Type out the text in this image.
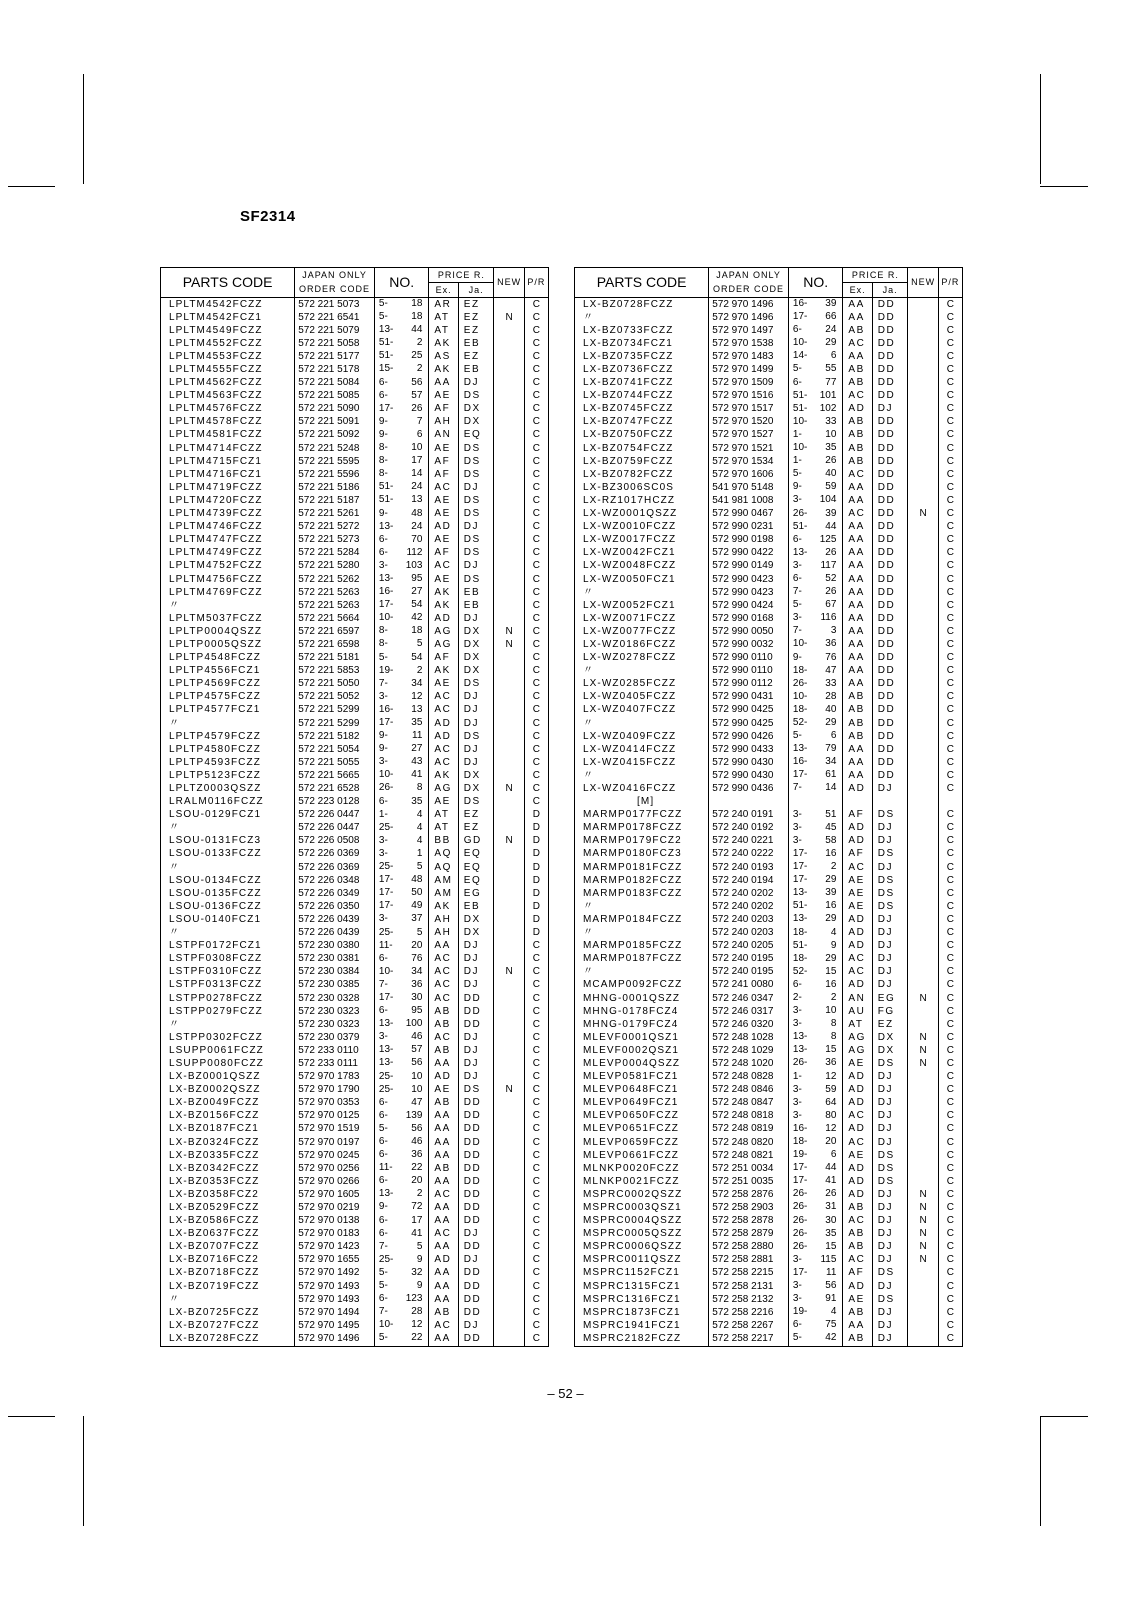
SF2314
PARTS CODE	JAPAN ONLY	NO.	PRICE R.		NEW	P/R
	ORDER CODE		Ex.	Ja.		
LPLTM4542FCZZ	572 221 5073	5- 18	AR	EZ		C
LPLTM4542FCZ1	572 221 6541	5- 18	AT	EZ	N	C
LPLTM4549FCZZ	572 221 5079	13- 44	AT	EZ		C
LPLTM4552FCZZ	572 221 5058	51- 2	AK	EB		C
LPLTM4553FCZZ	572 221 5177	51- 25	AS	EZ		C
LPLTM4555FCZZ	572 221 5178	15- 2	AK	EB		C
LPLTM4562FCZZ	572 221 5084	6- 56	AA	DJ		C
LPLTM4563FCZZ	572 221 5085	6- 57	AE	DS		C
LPLTM4576FCZZ	572 221 5090	17- 26	AF	DX		C
LPLTM4578FCZZ	572 221 5091	9- 7	AH	DX		C
LPLTM4581FCZZ	572 221 5092	9- 6	AN	EQ		C
LPLTM4714FCZZ	572 221 5248	8- 10	AE	DS		C
LPLTM4715FCZ1	572 221 5595	8- 17	AF	DS		C
LPLTM4716FCZ1	572 221 5596	8- 14	AF	DS		C
LPLTM4719FCZZ	572 221 5186	51- 24	AC	DJ		C
LPLTM4720FCZZ	572 221 5187	51- 13	AE	DS		C
LPLTM4739FCZZ	572 221 5261	9- 48	AE	DS		C
LPLTM4746FCZZ	572 221 5272	13- 24	AD	DJ		C
LPLTM4747FCZZ	572 221 5273	6- 70	AE	DS		C
LPLTM4749FCZZ	572 221 5284	6- 112	AF	DS		C
LPLTM4752FCZZ	572 221 5280	3- 103	AC	DJ		C
LPLTM4756FCZZ	572 221 5262	13- 95	AE	DS		C
LPLTM4769FCZZ	572 221 5263	16- 27	AK	EB		C
〃	572 221 5263	17- 54	AK	EB		C
LPLTM5037FCZZ	572 221 5664	10- 42	AD	DJ		C
LPLTP0004QSZZ	572 221 6597	8- 18	AG	DX	N	C
LPLTP0005QSZZ	572 221 6598	8- 5	AG	DX	N	C
LPLTP4548FCZZ	572 221 5181	5- 54	AF	DX		C
LPLTP4556FCZ1	572 221 5853	19- 2	AK	DX		C
LPLTP4569FCZZ	572 221 5050	7- 34	AE	DS		C
LPLTP4575FCZZ	572 221 5052	3- 12	AC	DJ		C
LPLTP4577FCZ1	572 221 5299	16- 13	AC	DJ		C
〃	572 221 5299	17- 35	AD	DJ		C
LPLTP4579FCZZ	572 221 5182	9- 11	AD	DS		C
LPLTP4580FCZZ	572 221 5054	9- 27	AC	DJ		C
LPLTP4593FCZZ	572 221 5055	3- 43	AC	DJ		C
LPLTP5123FCZZ	572 221 5665	10- 41	AK	DX		C
LPLTZ0003QSZZ	572 221 6528	26- 8	AG	DX	N	C
LRALM0116FCZZ	572 223 0128	6- 35	AE	DS		C
LSOU-0129FCZ1	572 226 0447	1- 4	AT	EZ		D
〃	572 226 0447	25- 4	AT	EZ		D
LSOU-0131FCZ3	572 226 0508	3- 4	BB	GD	N	D
LSOU-0133FCZZ	572 226 0369	3- 1	AQ	EQ		D
〃	572 226 0369	25- 5	AQ	EQ		D
LSOU-0134FCZZ	572 226 0348	17- 48	AM	EQ		D
LSOU-0135FCZZ	572 226 0349	17- 50	AM	EG		D
LSOU-0136FCZZ	572 226 0350	17- 49	AK	EB		D
LSOU-0140FCZ1	572 226 0439	3- 37	AH	DX		D
〃	572 226 0439	25- 5	AH	DX		D
LSTPF0172FCZ1	572 230 0380	11- 20	AA	DJ		C
LSTPF0308FCZZ	572 230 0381	6- 76	AC	DJ		C
LSTPF0310FCZZ	572 230 0384	10- 34	AC	DJ	N	C
LSTPF0313FCZZ	572 230 0385	7- 36	AC	DJ		C
LSTPP0278FCZZ	572 230 0328	17- 30	AC	DD		C
LSTPP0279FCZZ	572 230 0323	6- 95	AB	DD		C
〃	572 230 0323	13- 100	AB	DD		C
LSTPP0302FCZZ	572 230 0379	3- 46	AC	DJ		C
LSUPP0061FCZZ	572 233 0110	13- 57	AB	DJ		C
LSUPP0080FCZZ	572 233 0111	13- 56	AA	DJ		C
LX-BZ0001QSZZ	572 970 1783	25- 10	AD	DJ		C
LX-BZ0002QSZZ	572 970 1790	25- 10	AE	DS	N	C
LX-BZ0049FCZZ	572 970 0353	6- 47	AB	DD		C
LX-BZ0156FCZZ	572 970 0125	6- 139	AA	DD		C
LX-BZ0187FCZ1	572 970 1519	5- 56	AA	DD		C
LX-BZ0324FCZZ	572 970 0197	6- 46	AA	DD		C
LX-BZ0335FCZZ	572 970 0245	6- 36	AA	DD		C
LX-BZ0342FCZZ	572 970 0256	11- 22	AB	DD		C
LX-BZ0353FCZZ	572 970 0266	6- 20	AA	DD		C
LX-BZ0358FCZ2	572 970 1605	13- 2	AC	DD		C
LX-BZ0529FCZZ	572 970 0219	9- 72	AA	DD		C
LX-BZ0586FCZZ	572 970 0138	6- 17	AA	DD		C
LX-BZ0637FCZZ	572 970 0183	6- 41	AC	DJ		C
LX-BZ0707FCZZ	572 970 1423	7- 5	AA	DD		C
LX-BZ0716FCZ2	572 970 1655	25- 9	AD	DJ		C
LX-BZ0718FCZZ	572 970 1492	5- 32	AA	DD		C
LX-BZ0719FCZZ	572 970 1493	5- 9	AA	DD		C
〃	572 970 1493	6- 123	AA	DD		C
LX-BZ0725FCZZ	572 970 1494	7- 28	AB	DD		C
LX-BZ0727FCZZ	572 970 1495	10- 12	AC	DJ		C
LX-BZ0728FCZZ	572 970 1496	5- 22	AA	DD		C
PARTS CODE	JAPAN ONLY	NO.	PRICE R.		NEW	P/R
	ORDER CODE		Ex.	Ja.		
LX-BZ0728FCZZ	572 970 1496	16- 39	AA	DD		C
〃	572 970 1496	17- 66	AA	DD		C
LX-BZ0733FCZZ	572 970 1497	6- 24	AB	DD		C
LX-BZ0734FCZ1	572 970 1538	10- 29	AC	DD		C
LX-BZ0735FCZZ	572 970 1483	14- 6	AA	DD		C
LX-BZ0736FCZZ	572 970 1499	5- 55	AB	DD		C
LX-BZ0741FCZZ	572 970 1509	6- 77	AB	DD		C
LX-BZ0744FCZZ	572 970 1516	51- 101	AC	DD		C
LX-BZ0745FCZZ	572 970 1517	51- 102	AD	DJ		C
LX-BZ0747FCZZ	572 970 1520	10- 33	AB	DD		C
LX-BZ0750FCZZ	572 970 1527	1- 10	AB	DD		C
LX-BZ0754FCZZ	572 970 1521	10- 35	AB	DD		C
LX-BZ0759FCZZ	572 970 1534	1- 26	AB	DD		C
LX-BZ0782FCZZ	572 970 1606	5- 40	AC	DD		C
LX-BZ3006SC0S	541 970 5148	9- 59	AA	DD		C
LX-RZ1017HCZZ	541 981 1008	3- 104	AA	DD		C
LX-WZ0001QSZZ	572 990 0467	26- 39	AC	DD	N	C
LX-WZ0010FCZZ	572 990 0231	51- 44	AA	DD		C
LX-WZ0017FCZZ	572 990 0198	6- 125	AA	DD		C
LX-WZ0042FCZ1	572 990 0422	13- 26	AA	DD		C
LX-WZ0048FCZZ	572 990 0149	3- 117	AA	DD		C
LX-WZ0050FCZ1	572 990 0423	6- 52	AA	DD		C
〃	572 990 0423	7- 26	AA	DD		C
LX-WZ0052FCZ1	572 990 0424	5- 67	AA	DD		C
LX-WZ0071FCZZ	572 990 0168	3- 116	AA	DD		C
LX-WZ0077FCZZ	572 990 0050	7- 3	AA	DD		C
LX-WZ0186FCZZ	572 990 0032	10- 36	AA	DD		C
LX-WZ0278FCZZ	572 990 0110	9- 76	AA	DD		C
〃	572 990 0110	18- 47	AA	DD		C
LX-WZ0285FCZZ	572 990 0112	26- 33	AA	DD		C
LX-WZ0405FCZZ	572 990 0431	10- 28	AB	DD		C
LX-WZ0407FCZZ	572 990 0425	18- 40	AB	DD		C
〃	572 990 0425	52- 29	AB	DD		C
LX-WZ0409FCZZ	572 990 0426	5- 6	AB	DD		C
LX-WZ0414FCZZ	572 990 0433	13- 79	AA	DD		C
LX-WZ0415FCZZ	572 990 0430	16- 34	AA	DD		C
〃	572 990 0430	17- 61	AA	DD		C
LX-WZ0416FCZZ	572 990 0436	7- 14	AD	DJ		C
[M]		

MARMP0177FCZZ	572 240 0191	3- 51	AF	DS		C
MARMP0178FCZZ	572 240 0192	3- 45	AD	DJ		C
MARMP0179FCZ2	572 240 0221	3- 58	AD	DJ		C
MARMP0180FCZ3	572 240 0222	17- 16	AF	DS		C
MARMP0181FCZZ	572 240 0193	17- 2	AC	DJ		C
MARMP0182FCZZ	572 240 0194	17- 29	AE	DS		C
MARMP0183FCZZ	572 240 0202	13- 39	AE	DS		C
〃	572 240 0202	51- 16	AE	DS		C
MARMP0184FCZZ	572 240 0203	13- 29	AD	DJ		C
〃	572 240 0203	18- 4	AD	DJ		C
MARMP0185FCZZ	572 240 0205	51- 9	AD	DJ		C
MARMP0187FCZZ	572 240 0195	18- 29	AC	DJ		C
〃	572 240 0195	52- 15	AC	DJ		C
MCAMP0092FCZZ	572 241 0080	6- 16	AD	DJ		C
MHNG-0001QSZZ	572 246 0347	2- 2	AN	EG	N	C
MHNG-0178FCZ4	572 246 0317	3- 10	AU	FG		C
MHNG-0179FCZ4	572 246 0320	3- 8	AT	EZ		C
MLEVF0001QSZ1	572 248 1028	13- 8	AG	DX	N	C
MLEVF0002QSZ1	572 248 1029	13- 15	AG	DX	N	C
MLEVP0004QSZZ	572 248 1020	26- 36	AE	DS	N	C
MLEVP0581FCZ1	572 248 0828	1- 12	AD	DJ		C
MLEVP0648FCZ1	572 248 0846	3- 59	AD	DJ		C
MLEVP0649FCZ1	572 248 0847	3- 64	AD	DJ		C
MLEVP0650FCZZ	572 248 0818	3- 80	AC	DJ		C
MLEVP0651FCZZ	572 248 0819	16- 12	AD	DJ		C
MLEVP0659FCZZ	572 248 0820	18- 20	AC	DJ		C
MLEVP0661FCZZ	572 248 0821	19- 6	AE	DS		C
MLNKP0020FCZZ	572 251 0034	17- 44	AD	DS		C
MLNKP0021FCZZ	572 251 0035	17- 41	AD	DS		C
MSPRC0002QSZZ	572 258 2876	26- 26	AD	DJ	N	C
MSPRC0003QSZ1	572 258 2903	26- 31	AB	DJ	N	C
MSPRC0004QSZZ	572 258 2878	26- 30	AC	DJ	N	C
MSPRC0005QSZZ	572 258 2879	26- 35	AB	DJ	N	C
MSPRC0006QSZZ	572 258 2880	26- 15	AB	DJ	N	C
MSPRC0011QSZZ	572 258 2881	3- 115	AC	DJ	N	C
MSPRC1152FCZ1	572 258 2215	17- 11	AF	DS		C
MSPRC1315FCZ1	572 258 2131	3- 56	AD	DJ		C
MSPRC1316FCZ1	572 258 2132	3- 91	AE	DS		C
MSPRC1873FCZ1	572 258 2216	19- 4	AB	DJ		C
MSPRC1941FCZ1	572 258 2267	6- 75	AA	DJ		C
MSPRC2182FCZZ	572 258 2217	5- 42	AB	DJ		C
– 52 –
